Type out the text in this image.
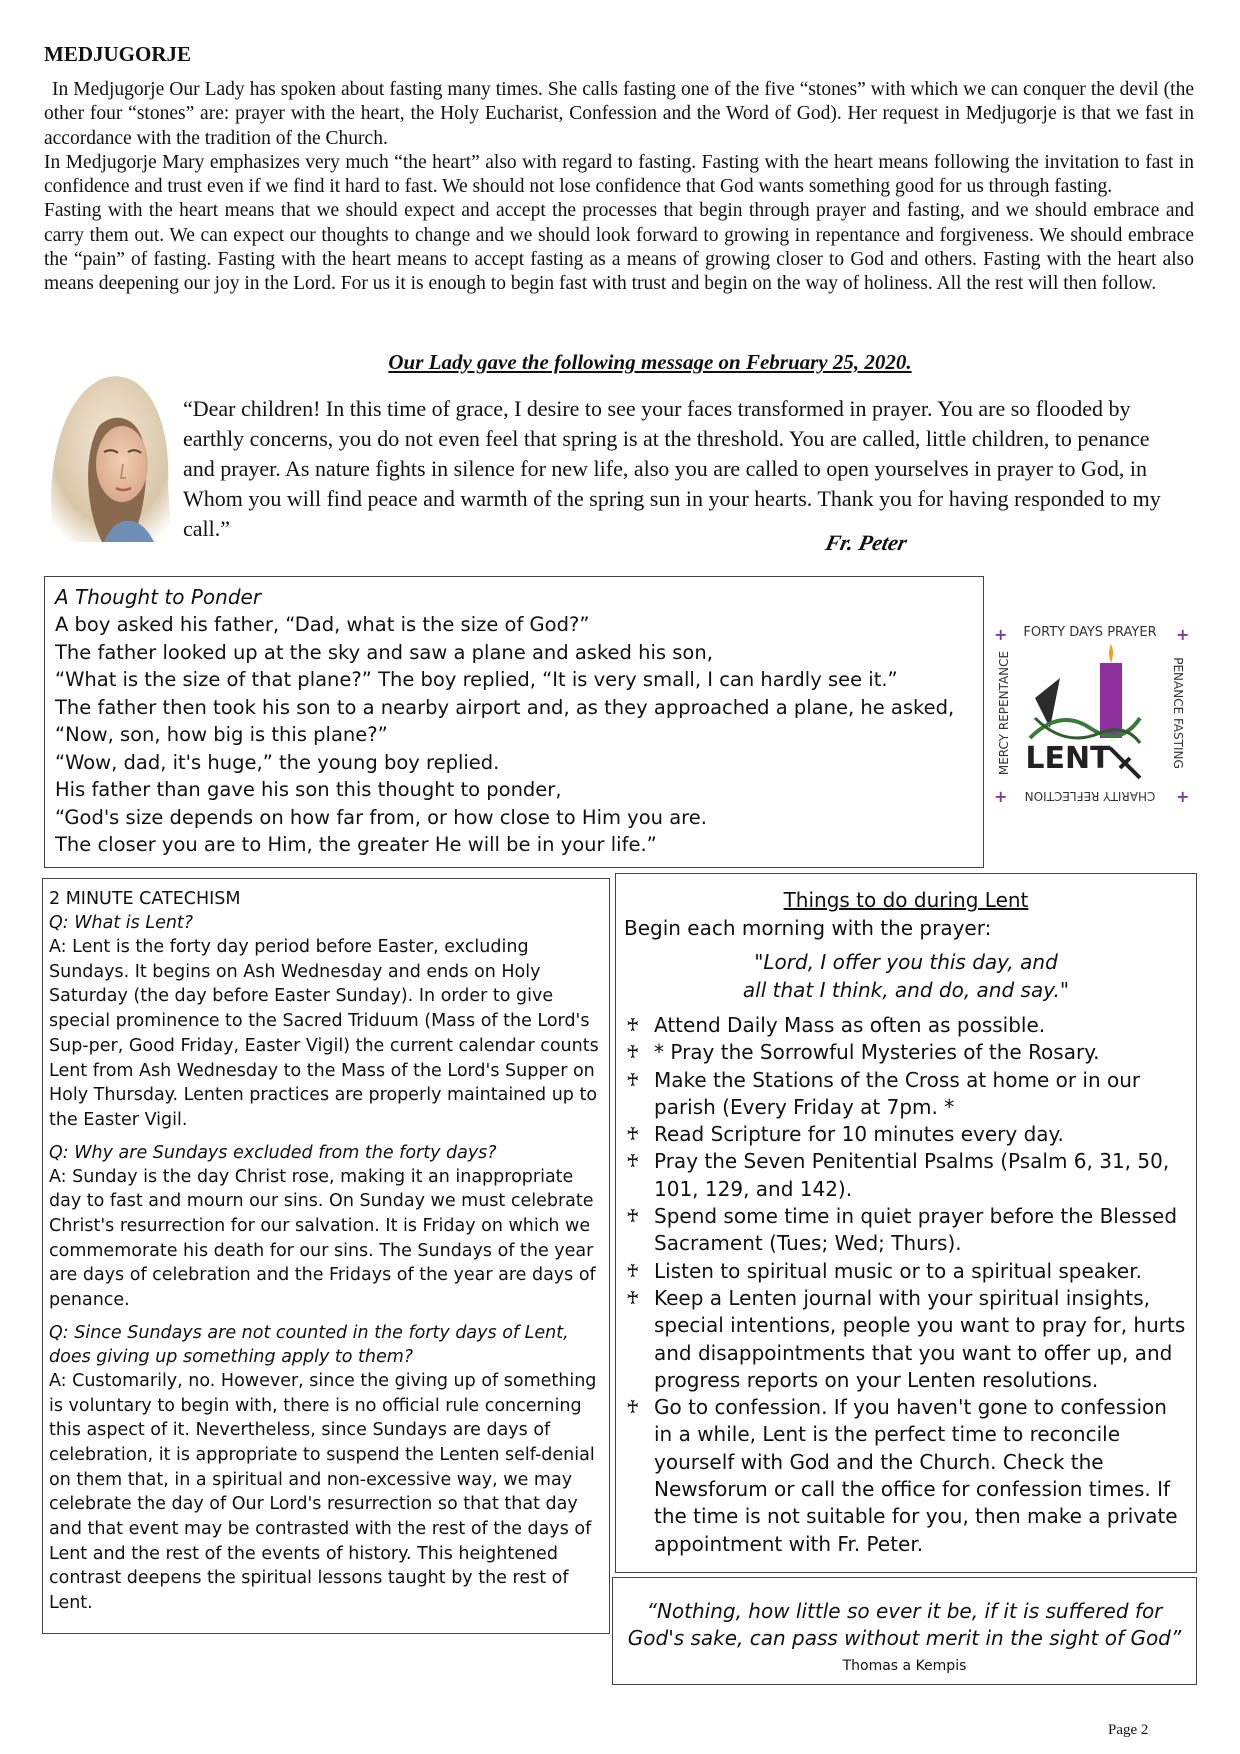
MEDJUGORJE

In Medjugorje Our Lady has spoken about fasting many times. She calls fasting one of the five “stones” with which we can conquer the devil (the other four “stones” are: prayer with the heart, the Holy Eucharist, Confession and the Word of God). Her request in Medjugorje is that we fast in accordance with the tradition of the Church.

In Medjugorje Mary emphasizes very much “the heart” also with regard to fasting. Fasting with the heart means following the invitation to fast in confidence and trust even if we find it hard to fast. We should not lose confidence that God wants something good for us through fasting.

Fasting with the heart means that we should expect and accept the processes that begin through prayer and fasting, and we should embrace and carry them out. We can expect our thoughts to change and we should look forward to growing in repentance and forgiveness. We should embrace the “pain” of fasting. Fasting with the heart means to accept fasting as a means of growing closer to God and others. Fasting with the heart also means deepening our joy in the Lord. For us it is enough to begin fast with trust and begin on the way of holiness. All the rest will then follow.

Our Lady gave the following message on February 25, 2020.
“Dear children! In this time of grace, I desire to see your faces transformed in prayer. You are so flooded by earthly concerns, you do not even feel that spring is at the threshold. You are called, little children, to penance and prayer. As nature fights in silence for new life, also you are called to open yourselves in prayer to God, in Whom you will find peace and warmth of the spring sun in your hearts. Thank you for having responded to my call.”
Fr. Peter
A Thought to Ponder
A boy asked his father, “Dad, what is the size of God?”
The father looked up at the sky and saw a plane and asked his son,
“What is the size of that plane?” The boy replied, “It is very small, I can hardly see it.”
The father then took his son to a nearby airport and, as they approached a plane, he asked,
“Now, son, how big is this plane?”
“Wow, dad, it's huge,” the young boy replied.
His father than gave his son this thought to ponder,
“God's size depends on how far from, or how close to Him you are.
The closer you are to Him, the greater He will be in your life.”
FORTY DAYS PRAYER
CHARITY REFLECTION
MERCY REPENTANCE	PENANCE FASTING
+	+
+	+
LENT
2 MINUTE CATECHISM
Q: What is Lent?
A: Lent is the forty day period before Easter, excluding Sundays. It begins on Ash Wednesday and ends on Holy Saturday (the day before Easter Sunday). In order to give special prominence to the Sacred Triduum (Mass of the Lord's Sup-per, Good Friday, Easter Vigil) the current calendar counts Lent from Ash Wednesday to the Mass of the Lord's Supper on Holy Thursday. Lenten practices are properly maintained up to the Easter Vigil.
Q: Why are Sundays excluded from the forty days?
A: Sunday is the day Christ rose, making it an inappropriate day to fast and mourn our sins. On Sunday we must celebrate Christ's resurrection for our salvation. It is Friday on which we commemorate his death for our sins. The Sundays of the year are days of celebration and the Fridays of the year are days of penance.
Q: Since Sundays are not counted in the forty days of Lent, does giving up something apply to them?
A: Customarily, no. However, since the giving up of something is voluntary to begin with, there is no official rule concerning this aspect of it. Nevertheless, since Sundays are days of celebration, it is appropriate to suspend the Lenten self-denial on them that, in a spiritual and non-excessive way, we may celebrate the day of Our Lord's resurrection so that that day and that event may be contrasted with the rest of the days of Lent and the rest of the events of history. This heightened contrast deepens the spiritual lessons taught by the rest of Lent.
Things to do during Lent
Begin each morning with the prayer:
"Lord, I offer you this day, and
all that I think, and do, and say."
♰ Attend Daily Mass as often as possible.
♰ * Pray the Sorrowful Mysteries of the Rosary.
♰ Make the Stations of the Cross at home or in our parish (Every Friday at 7pm. *
♰ Read Scripture for 10 minutes every day.
♰ Pray the Seven Penitential Psalms (Psalm 6, 31, 50, 101, 129, and 142).
♰ Spend some time in quiet prayer before the Blessed Sacrament (Tues; Wed; Thurs).
♰ Listen to spiritual music or to a spiritual speaker.
♰ Keep a Lenten journal with your spiritual insights, special intentions, people you want to pray for, hurts and disappointments that you want to offer up, and progress reports on your Lenten resolutions.
♰ Go to confession. If you haven't gone to confession in a while, Lent is the perfect time to reconcile yourself with God and the Church. Check the Newsforum or call the office for confession times. If the time is not suitable for you, then make a private appointment with Fr. Peter.
“Nothing, how little so ever it be, if it is suffered for God's sake, can pass without merit in the sight of God”
Thomas a Kempis
Page 2
